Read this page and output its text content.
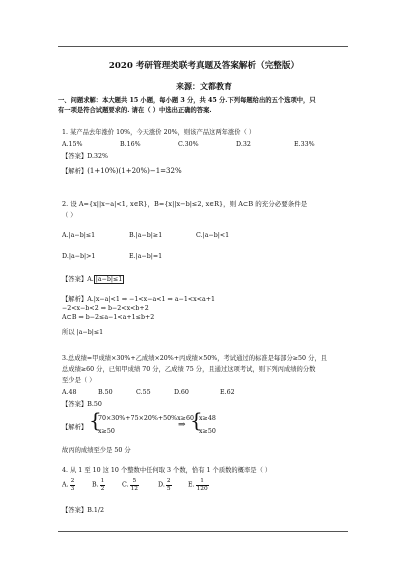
2020 考研管理类联考真题及答案解析（完整版）
来源：文都教育
一、问题求解：本大题共 15 小题，每小题 3 分，共 45 分.下列每题给出的五个选项中，只
有一项是符合试题要求的. 请在（ ）中选出正确的答案.
1. 某产品去年涨价 10%，今天涨价 20%，则该产品这两年涨价（ ）
A.15%	B.16%	C.30%	D.32	E.33%
【答案】D.32%
【解析】(1+10%)(1+20%)−1=32%
2. 设 A={x||x−a|<1, x∈R}，B={x||x−b|≤2, x∈R}，则 A⊂B 的充分必要条件是
（ ）
A.|a−b|≤1	B.|a−b|≥1	C.|a−b|<1
D.|a−b|>1	E.|a−b|=1
【答案】A. |a−b|≤1
【解析】A.|x−a|<1 ⇒ −1<x−a<1 ⇒ a−1<x<a+1
−2<x−b<2 ⇒ b−2<x<b+2
A⊂B ⇒ b−2≤a−1<a+1≤b+2
所以 |a−b|≤1
3.总成绩=甲成绩×30%+乙成绩×20%+丙成绩×50%，考试通过的标准是每部分≥50 分，且
总成绩≥60 分，已知甲成绩 70 分，乙成绩 75 分，且通过这项考试，则下列丙成绩的分数
至少是（ ）
A.48	B.50	C.55	D.60	E.62
【答案】B.50
【解析】 {
70×30%+75×20%+50%x≥60
x≥50
⇒ {
x≥48
x≥50
故丙的成绩至少是 50 分
4. 从 1 至 10 这 10 个整数中任何取 3 个数，恰有 1 个质数的概率是（ ）
A. $\frac{2}{3}$	B. $\frac{1}{2}$	C. $\frac{5}{12}$	D. $\frac{2}{5}$	E. $\frac{1}{120}$
【答案】B.1/2
